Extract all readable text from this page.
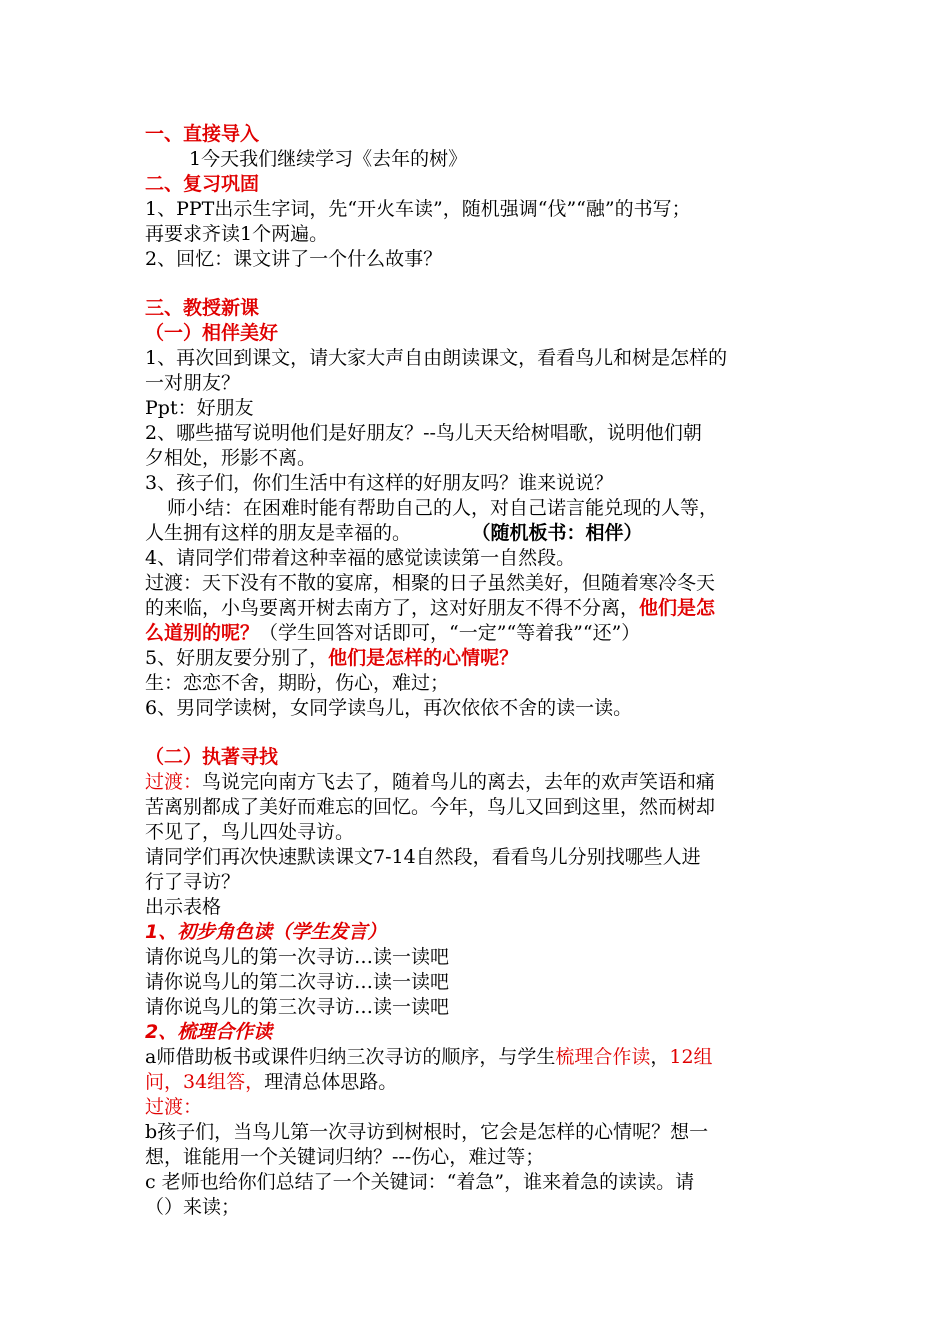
一、直接导入
1今天我们继续学习《去年的树》
二、复习巩固
1、PPT出示生字词，先“开火车读”，随机强调“伐”“融”的书写；
再要求齐读1个两遍。
2、回忆：课文讲了一个什么故事？
三、教授新课
（一）相伴美好
1、再次回到课文，请大家大声自由朗读课文，看看鸟儿和树是怎样的
一对朋友？
Ppt：好朋友
2、哪些描写说明他们是好朋友？--鸟儿天天给树唱歌，说明他们朝
夕相处，形影不离。
3、孩子们，你们生活中有这样的好朋友吗？谁来说说？
师小结：在困难时能有帮助自己的人，对自己诺言能兑现的人等，
人生拥有这样的朋友是幸福的。	（随机板书：相伴）
4、请同学们带着这种幸福的感觉读读第一自然段。
过渡：天下没有不散的宴席，相聚的日子虽然美好，但随着寒冷冬天
的来临，小鸟要离开树去南方了，这对好朋友不得不分离，他们是怎
么道别的呢？（学生回答对话即可，“一定”“等着我”“还”）
5、好朋友要分别了，他们是怎样的心情呢？
生：恋恋不舍，期盼，伤心，难过；
6、男同学读树，女同学读鸟儿，再次依依不舍的读一读。
（二）执著寻找
过渡：鸟说完向南方飞去了，随着鸟儿的离去，去年的欢声笑语和痛
苦离别都成了美好而难忘的回忆。今年，鸟儿又回到这里，然而树却
不见了，鸟儿四处寻访。
请同学们再次快速默读课文7-14自然段，看看鸟儿分别找哪些人进
行了寻访？
出示表格
1、初步角色读（学生发言）
请你说鸟儿的第一次寻访…读一读吧
请你说鸟儿的第二次寻访…读一读吧
请你说鸟儿的第三次寻访…读一读吧
2、梳理合作读
a师借助板书或课件归纳三次寻访的顺序，与学生梳理合作读，12组
问，34组答，理清总体思路。
过渡：
b孩子们，当鸟儿第一次寻访到树根时，它会是怎样的心情呢？想一
想，谁能用一个关键词归纳？---伤心，难过等；
c 老师也给你们总结了一个关键词：“着急”，谁来着急的读读。请
（）来读；
